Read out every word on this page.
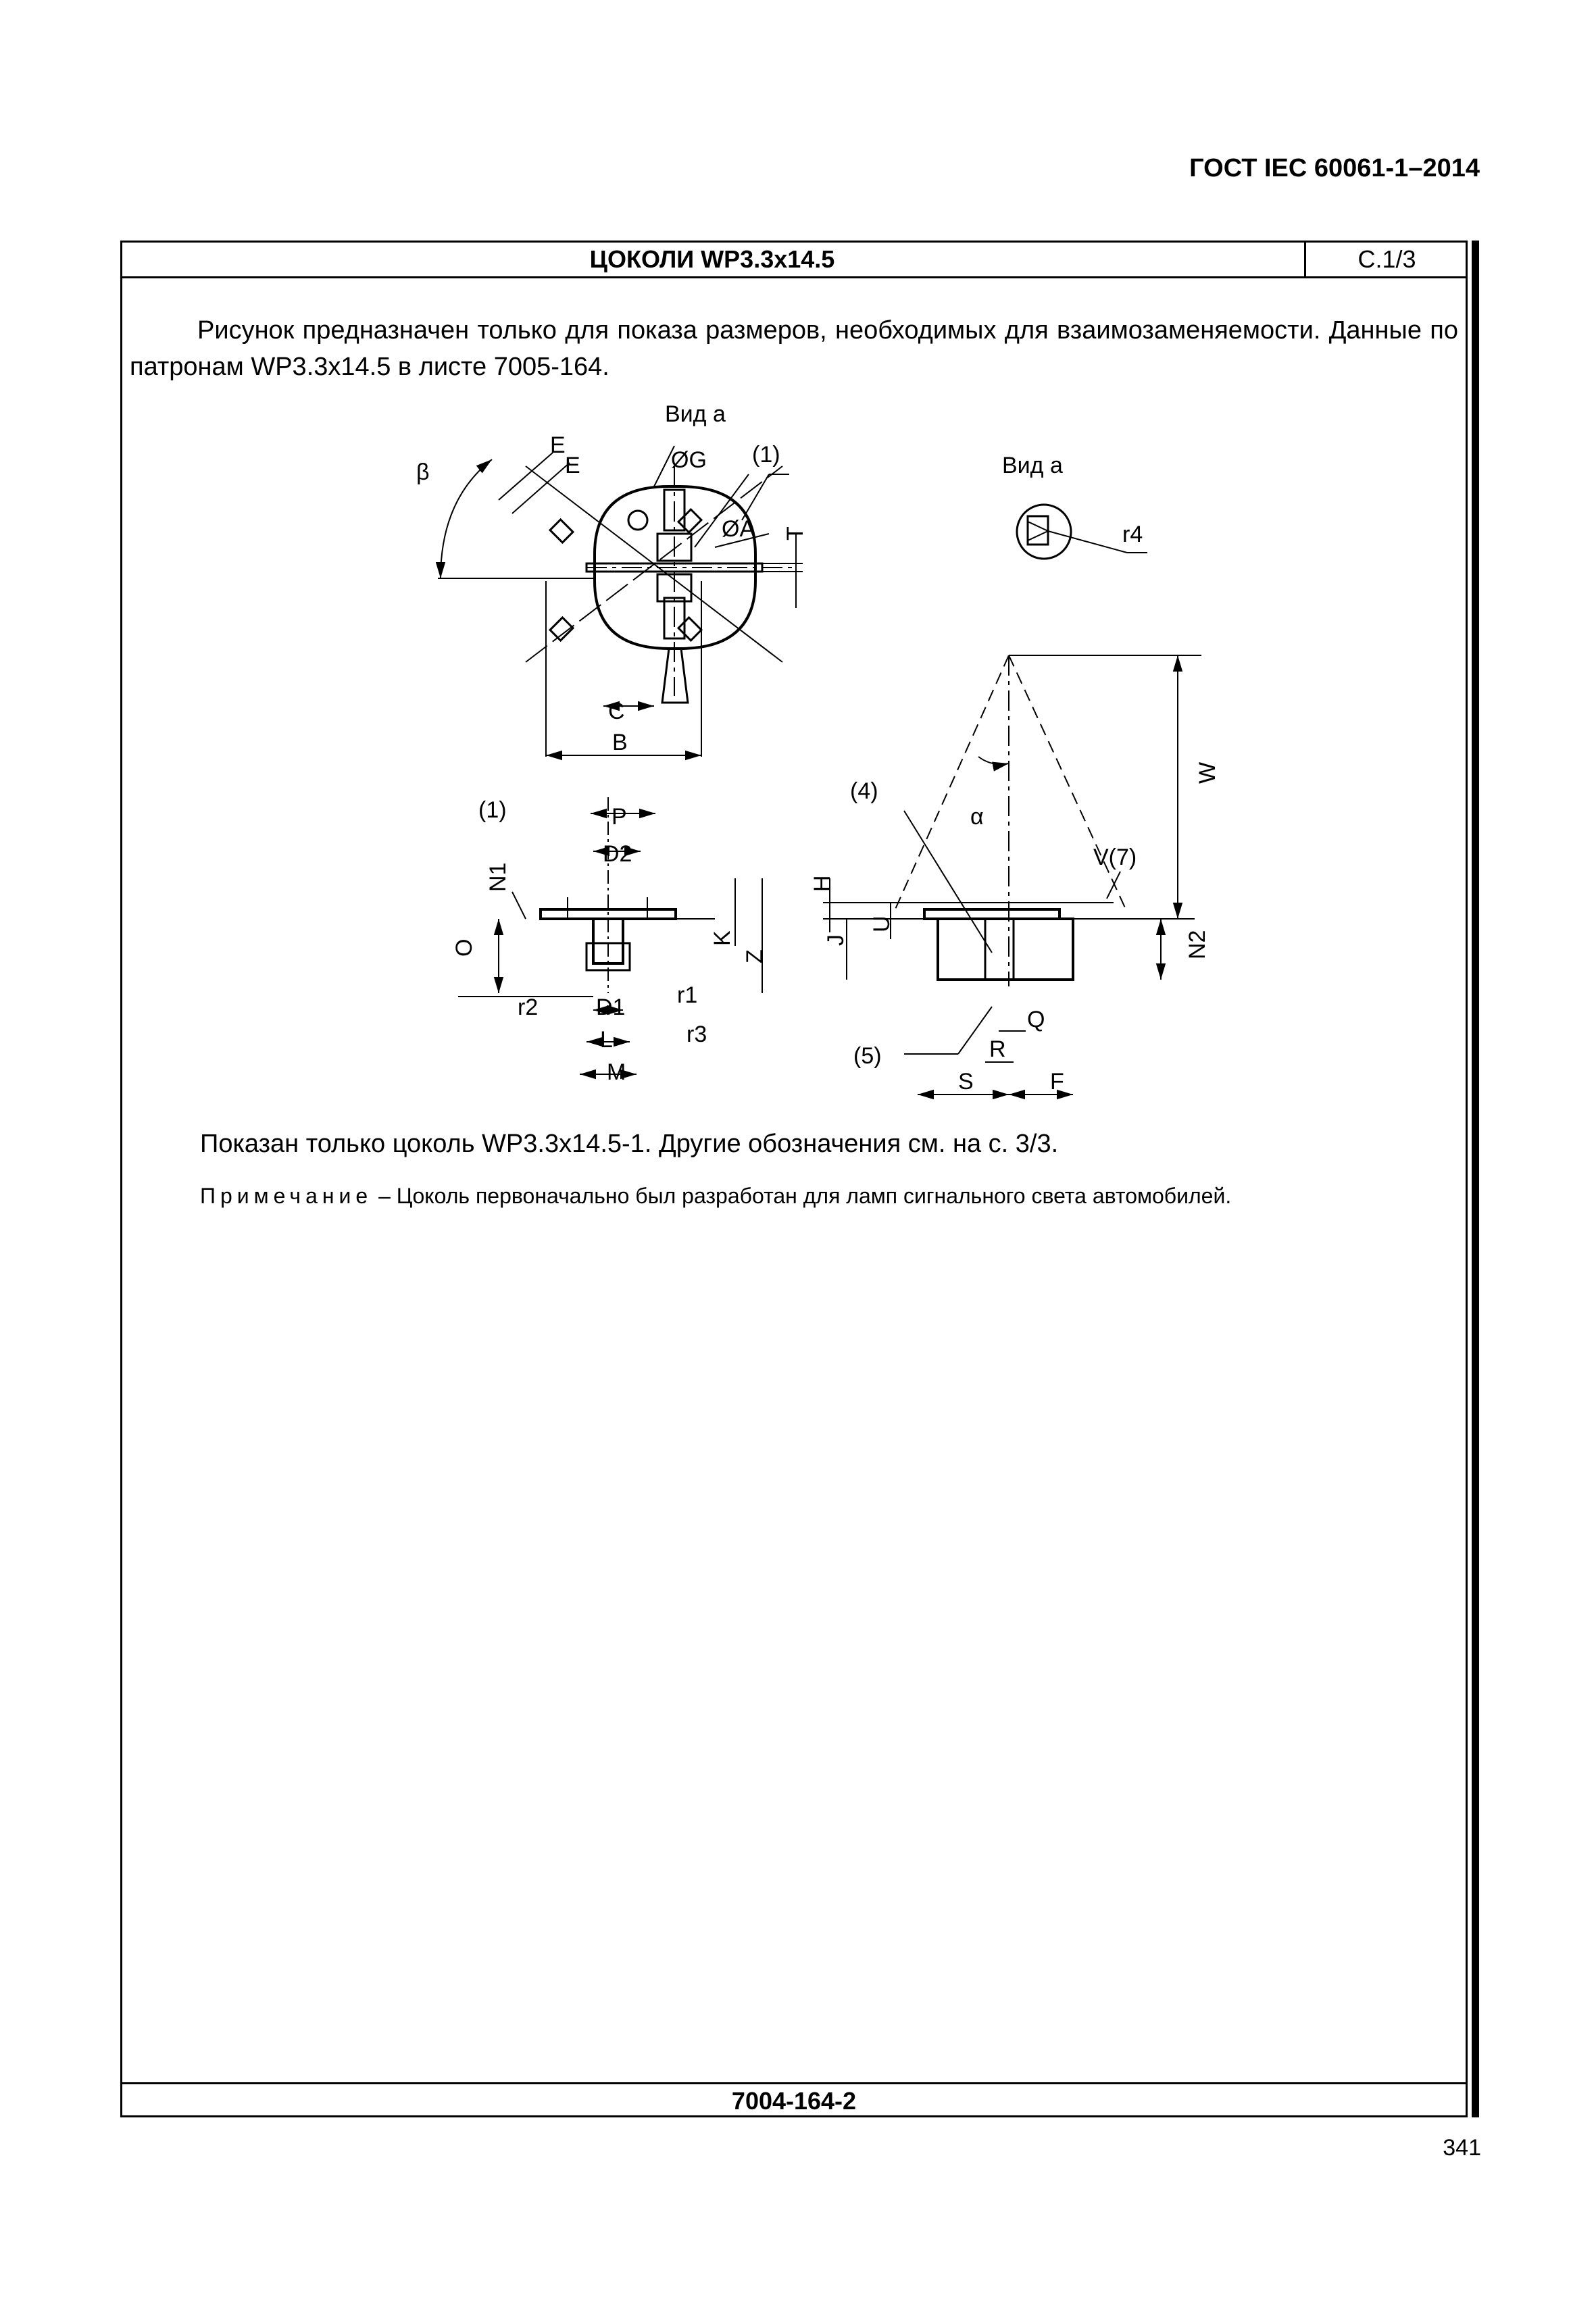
ГОСТ IEC 60061-1–2014
ЦОКОЛИ WP3.3x14.5	С.1/3
Рисунок предназначен только для показа размеров, необходимых для взаимозаменяемости. Данные по патронам WP3.3x14.5 в листе 7005-164.
β
E
E
Вид a
ØG (1)
ØA T
C
B
Вид a
r4
(1)	P
D2
N1
O
K
Z
r2	D1 r1
L	r3
M
(4)
α
W
H
V(7)
J
U
N2
Q
R
(5)
S	F
Показан только цоколь WP3.3x14.5-1. Другие обозначения см. на с. 3/3.
Примечание – Цоколь первоначально был разработан для ламп сигнального света автомобилей.
7004-164-2
341
